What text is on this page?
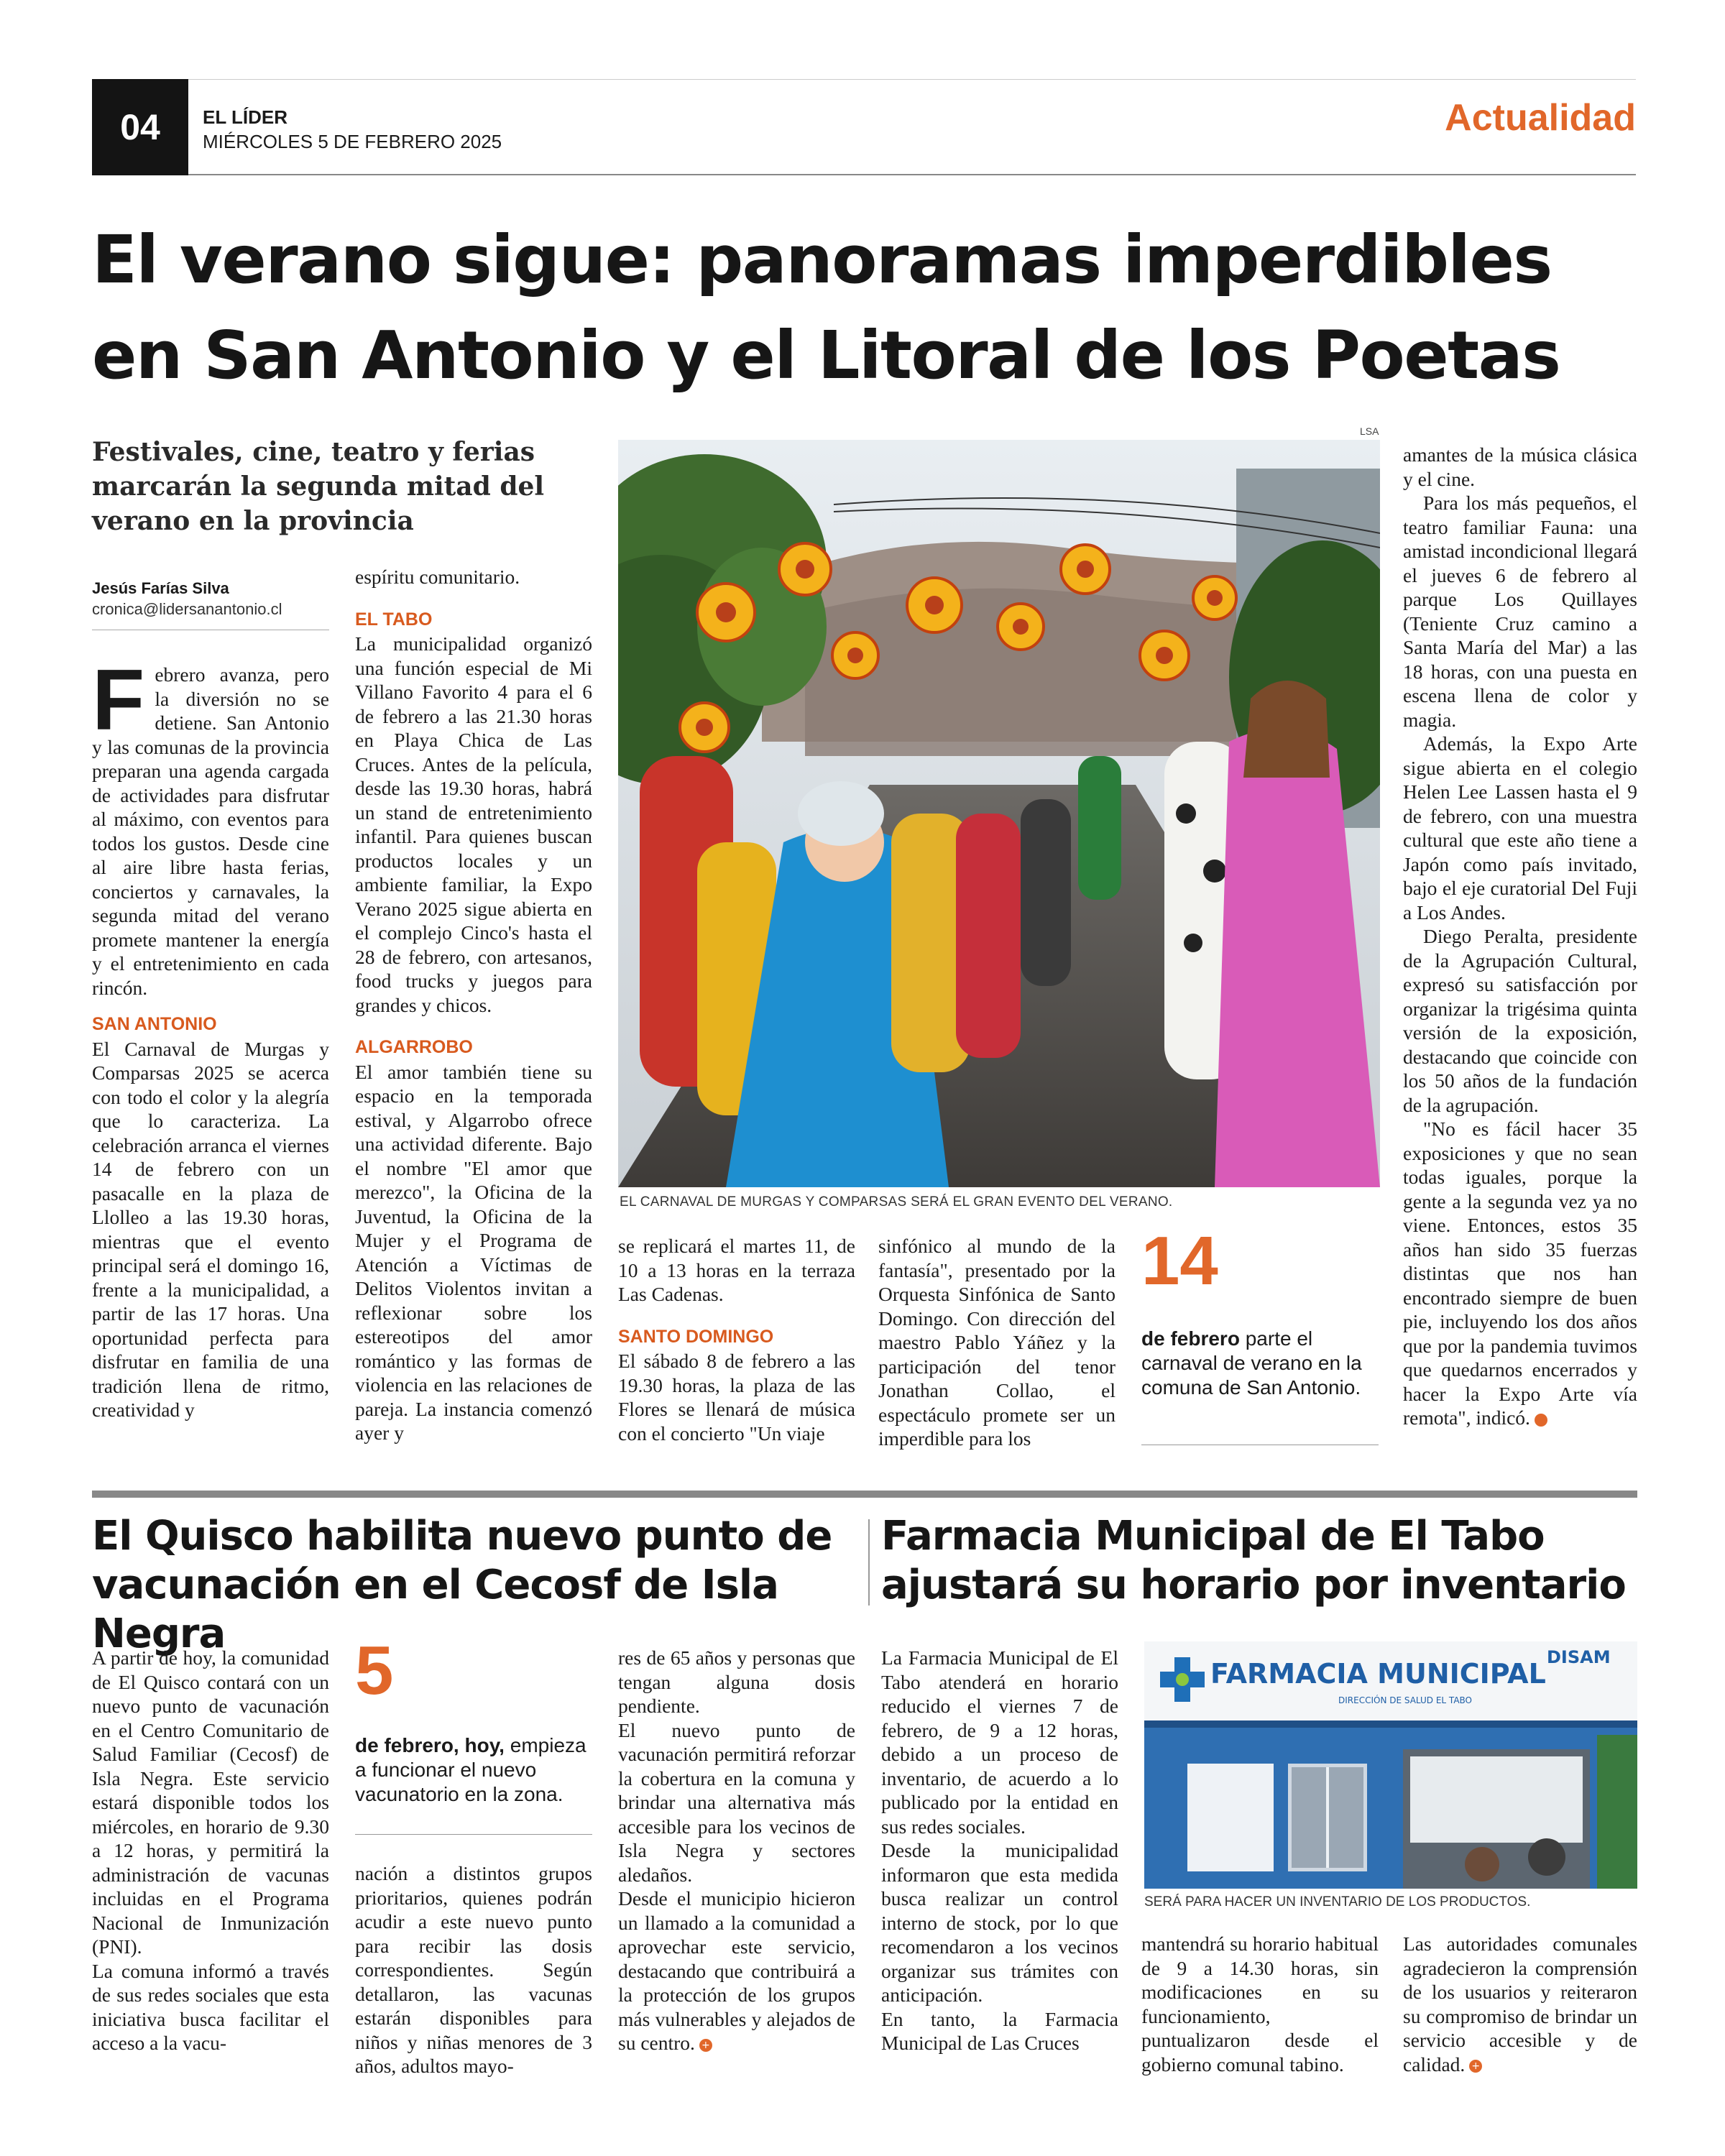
04	EL LÍDER
MIÉRCOLES 5 DE FEBRERO 2025
Actualidad
El verano sigue: panoramas imperdibles
en San Antonio y el Litoral de los Poetas
Festivales, cine, teatro y ferias marcarán la segunda mitad del verano en la provincia
Jesús Farías Silva
cronica@lidersanantonio.cl

Febrero avanza, pero la diversión no se detiene. San Antonio y las comunas de la provincia preparan una agenda cargada de actividades para disfrutar al máximo, con eventos para todos los gustos. Desde cine al aire libre hasta ferias, conciertos y carnavales, la segunda mitad del verano promete mantener la energía y el entretenimiento en cada rincón.

SAN ANTONIO

El Carnaval de Murgas y Comparsas 2025 se acerca con todo el color y la alegría que lo caracteriza. La celebración arranca el viernes 14 de febrero con un pasacalle en la plaza de Llolleo a las 19.30 horas, mientras que el evento principal será el domingo 16, frente a la municipalidad, a partir de las 17 horas. Una oportunidad perfecta para disfrutar en familia de una tradición llena de ritmo, creatividad y

espíritu comunitario.

EL TABO

La municipalidad organizó una función especial de Mi Villano Favorito 4 para el 6 de febrero a las 21.30 horas en Playa Chica de Las Cruces. Antes de la película, desde las 19.30 horas, habrá un stand de entretenimiento infantil. Para quienes buscan productos locales y un ambiente familiar, la Expo Verano 2025 sigue abierta en el complejo Cinco's hasta el 28 de febrero, con artesanos, food trucks y juegos para grandes y chicos.

ALGARROBO

El amor también tiene su espacio en la temporada estival, y Algarrobo ofrece una actividad diferente. Bajo el nombre "El amor que merezco", la Oficina de la Juventud, la Oficina de la Mujer y el Programa de Atención a Víctimas de Delitos Violentos invitan a reflexionar sobre los estereotipos del amor romántico y las formas de violencia en las relaciones de pareja. La instancia comenzó ayer y

LSA
EL CARNAVAL DE MURGAS Y COMPARSAS SERÁ EL GRAN EVENTO DEL VERANO.

se replicará el martes 11, de 10 a 13 horas en la terraza Las Cadenas.

SANTO DOMINGO

El sábado 8 de febrero a las 19.30 horas, la plaza de las Flores se llenará de música con el concierto "Un viaje

sinfónico al mundo de la fantasía", presentado por la Orquesta Sinfónica de Santo Domingo. Con dirección del maestro Pablo Yáñez y la participación del tenor Jonathan Collao, el espectáculo promete ser un imperdible para los

14
de febrero parte el carnaval de verano en la comuna de San Antonio.

amantes de la música clásica y el cine.

Para los más pequeños, el teatro familiar Fauna: una amistad incondicional llegará el jueves 6 de febrero al parque Los Quillayes (Teniente Cruz camino a Santa María del Mar) a las 18 horas, con una puesta en escena llena de color y magia.

Además, la Expo Arte sigue abierta en el colegio Helen Lee Lassen hasta el 9 de febrero, con una muestra cultural que este año tiene a Japón como país invitado, bajo el eje curatorial Del Fuji a Los Andes.

Diego Peralta, presidente de la Agrupación Cultural, expresó su satisfacción por organizar la trigésima quinta versión de la exposición, destacando que coincide con los 50 años de la fundación de la agrupación.

"No es fácil hacer 35 exposiciones y que no sean todas iguales, porque la gente a la segunda vez ya no viene. Entonces, estos 35 años han sido 35 fuerzas distintas que nos han encontrado siempre de buen pie, incluyendo los dos años que por la pandemia tuvimos que quedarnos encerrados y hacer la Expo Arte vía remota", indicó. +

El Quisco habilita nuevo punto de vacunación en el Cecosf de Isla Negra

A partir de hoy, la comunidad de El Quisco contará con un nuevo punto de vacunación en el Centro Comunitario de Salud Familiar (Cecosf) de Isla Negra. Este servicio estará disponible todos los miércoles, en horario de 9.30 a 12 horas, y permitirá la administración de vacunas incluidas en el Programa Nacional de Inmunización (PNI).

La comuna informó a través de sus redes sociales que esta iniciativa busca facilitar el acceso a la vacu-

5
de febrero, hoy, empieza a funcionar el nuevo vacunatorio en la zona.

nación a distintos grupos prioritarios, quienes podrán acudir a este nuevo punto para recibir las dosis correspondientes. Según detallaron, las vacunas estarán disponibles para niños y niñas menores de 3 años, adultos mayo-

res de 65 años y personas que tengan alguna dosis pendiente.

El nuevo punto de vacunación permitirá reforzar la cobertura en la comuna y brindar una alternativa más accesible para los vecinos de Isla Negra y sectores aledaños.

Desde el municipio hicieron un llamado a la comunidad a aprovechar este servicio, destacando que contribuirá a la protección de los grupos más vulnerables y alejados de su centro. +

Farmacia Municipal de El Tabo ajustará su horario por inventario

La Farmacia Municipal de El Tabo atenderá en horario reducido el viernes 7 de febrero, de 9 a 12 horas, debido a un proceso de inventario, de acuerdo a lo publicado por la entidad en sus redes sociales.

Desde la municipalidad informaron que esta medida busca realizar un control interno de stock, por lo que recomendaron a los vecinos organizar sus trámites con anticipación.

En tanto, la Farmacia Municipal de Las Cruces

FARMACIA MUNICIPAL
DIRECCIÓN DE SALUD EL TABO
DISAM
SERÁ PARA HACER UN INVENTARIO DE LOS PRODUCTOS.

mantendrá su horario habitual de 9 a 14.30 horas, sin modificaciones en su funcionamiento, puntualizaron desde el gobierno comunal tabino.

Las autoridades comunales agradecieron la comprensión de los usuarios y reiteraron su compromiso de brindar un servicio accesible y de calidad. +
